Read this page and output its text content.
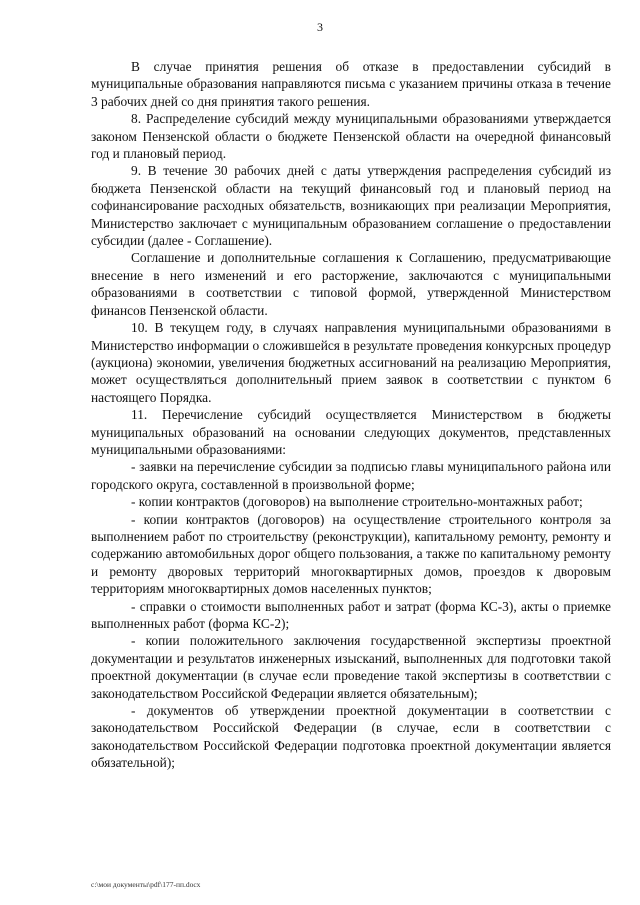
3

В случае принятия решения об отказе в предоставлении субсидий в муниципальные образования направляются письма с указанием причины отказа в течение 3 рабочих дней со дня принятия такого решения.

8. Распределение субсидий между муниципальными образованиями утверждается законом Пензенской области о бюджете Пензенской области на очередной финансовый год и плановый период.

9. В течение 30 рабочих дней с даты утверждения распределения субсидий из бюджета Пензенской области на текущий финансовый год и плановый период на софинансирование расходных обязательств, возникающих при реализации Мероприятия, Министерство заключает с муниципальным образованием соглашение о предоставлении субсидии (далее - Соглашение).

Соглашение и дополнительные соглашения к Соглашению, предусматривающие внесение в него изменений и его расторжение, заключаются с муниципальными образованиями в соответствии с типовой формой, утвержденной Министерством финансов Пензенской области.

10. В текущем году, в случаях направления муниципальными образованиями в Министерство информации о сложившейся в результате проведения конкурсных процедур (аукциона) экономии, увеличения бюджетных ассигнований на реализацию Мероприятия, может осуществляться дополнительный прием заявок в соответствии с пунктом 6 настоящего Порядка.

11. Перечисление субсидий осуществляется Министерством в бюджеты муниципальных образований на основании следующих документов, представленных муниципальными образованиями:

- заявки на перечисление субсидии за подписью главы муниципального района или городского округа, составленной в произвольной форме;

- копии контрактов (договоров) на выполнение строительно-монтажных работ;

- копии контрактов (договоров) на осуществление строительного контроля за выполнением работ по строительству (реконструкции), капитальному ремонту, ремонту и содержанию автомобильных дорог общего пользования, а также по капитальному ремонту и ремонту дворовых территорий многоквартирных домов, проездов к дворовым территориям многоквартирных домов населенных пунктов;

- справки о стоимости выполненных работ и затрат (форма КС-3), акты о приемке выполненных работ (форма КС-2);

- копии положительного заключения государственной экспертизы проектной документации и результатов инженерных изысканий, выполненных для подготовки такой проектной документации (в случае если проведение такой экспертизы в соответствии с законодательством Российской Федерации является обязательным);

- документов об утверждении проектной документации в соответствии с законодательством Российской Федерации (в случае, если в соответствии с законодательством Российской Федерации подготовка проектной документации является обязательной);

c:\мои документы\pdf\177-пп.docx
